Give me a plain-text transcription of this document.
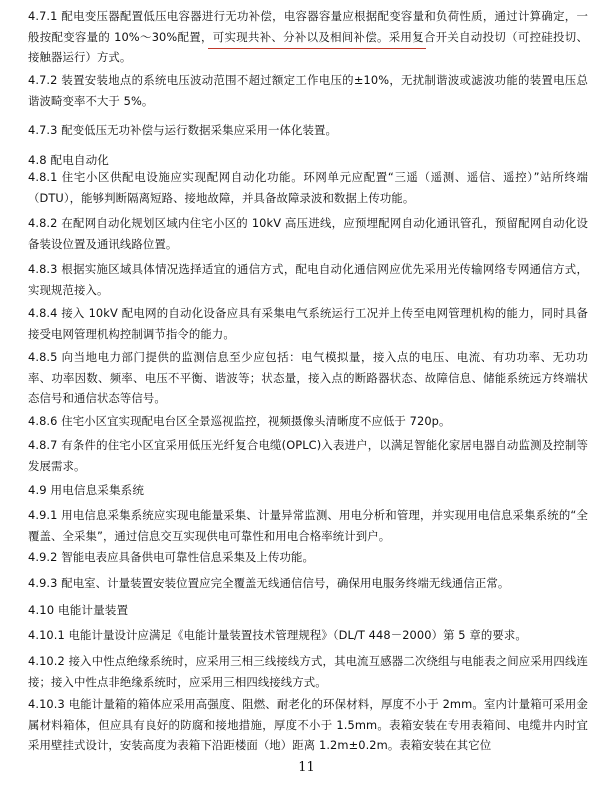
4.7.1 配电变压器配置低压电容器进行无功补偿，电容器容量应根据配变容量和负荷性质，通过计算确定，一般按配变容量的 10%～30%配置，可实现共补、分补以及相间补偿。采用复合开关自动投切（可控硅投切、接触器运行）方式。

4.7.2 装置安装地点的系统电压波动范围不超过额定工作电压的±10%，无扰制谐波或滤波功能的装置电压总谐波畸变率不大于 5%。

4.7.3 配变低压无功补偿与运行数据采集应采用一体化装置。

4.8 配电自动化

4.8.1 住宅小区供配电设施应实现配网自动化功能。环网单元应配置“三遥（遥测、遥信、遥控）”站所终端（DTU），能够判断隔离短路、接地故障，并具备故障录波和数据上传功能。

4.8.2 在配网自动化规划区域内住宅小区的 10kV 高压进线，应预埋配网自动化通讯管孔，预留配网自动化设备装设位置及通讯线路位置。

4.8.3 根据实施区域具体情况选择适宜的通信方式，配电自动化通信网应优先采用光传输网络专网通信方式，实现规范接入。

4.8.4 接入 10kV 配电网的自动化设备应具有采集电气系统运行工况并上传至电网管理机构的能力，同时具备接受电网管理机构控制调节指令的能力。

4.8.5 向当地电力部门提供的监测信息至少应包括：电气模拟量，接入点的电压、电流、有功功率、无功功率、功率因数、频率、电压不平衡、谐波等；状态量，接入点的断路器状态、故障信息、储能系统远方终端状态信号和通信状态等信号。

4.8.6 住宅小区宜实现配电台区全景巡视监控，视频摄像头清晰度不应低于 720p。

4.8.7 有条件的住宅小区宜采用低压光纤复合电缆(OPLC)入表进户，以满足智能化家居电器自动监测及控制等发展需求。

4.9 用电信息采集系统

4.9.1 用电信息采集系统应实现电能量采集、计量异常监测、用电分析和管理，并实现用电信息采集系统的“全覆盖、全采集”，通过信息交互实现供电可靠性和用电合格率统计到户。

4.9.2 智能电表应具备供电可靠性信息采集及上传功能。

4.9.3 配电室、计量装置安装位置应完全覆盖无线通信信号，确保用电服务终端无线通信正常。

4.10 电能计量装置

4.10.1 电能计量设计应满足《电能计量装置技术管理规程》（DL/T 448－2000）第 5 章的要求。

4.10.2 接入中性点绝缘系统时，应采用三相三线接线方式，其电流互感器二次绕组与电能表之间应采用四线连接；接入中性点非绝缘系统时，应采用三相四线接线方式。

4.10.3 电能计量箱的箱体应采用高强度、阻燃、耐老化的环保材料，厚度不小于 2mm。室内计量箱可采用金属材料箱体，但应具有良好的防腐和接地措施，厚度不小于 1.5mm。表箱安装在专用表箱间、电缆井内时宜采用壁挂式设计，安装高度为表箱下沿距楼面（地）距离 1.2m±0.2m。表箱安装在其它位

11
